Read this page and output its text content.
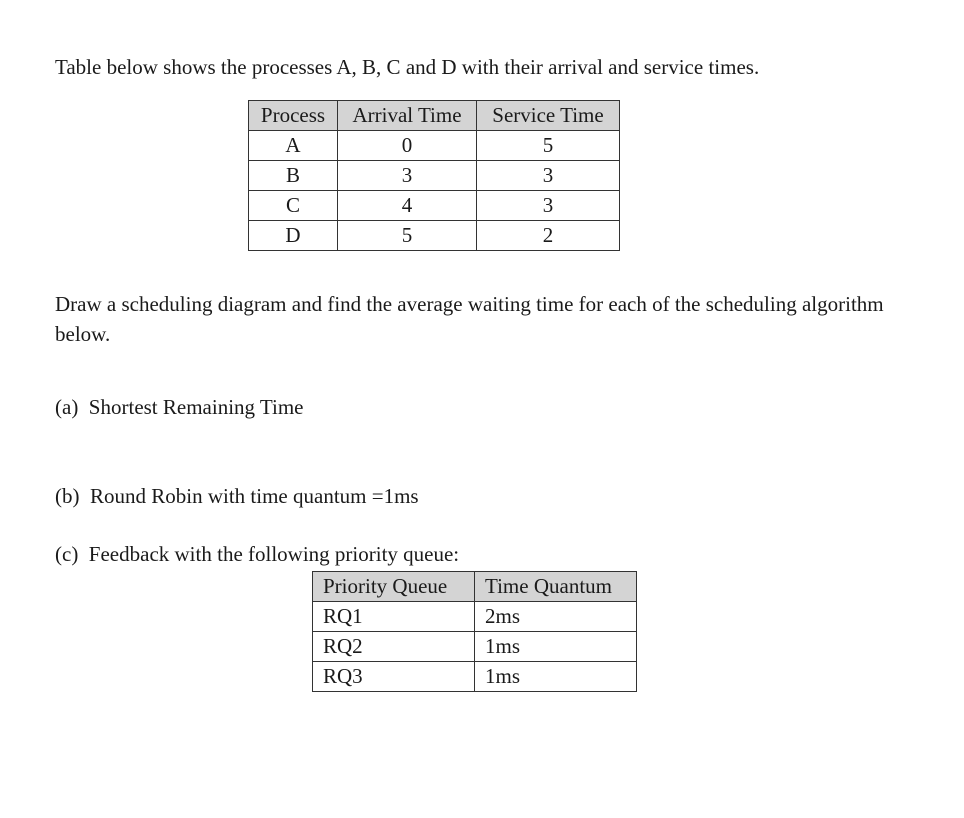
Table below shows the processes A, B, C and D with their arrival and service times.

Process	Arrival Time	Service Time
A	0	5
B	3	3
C	4	3
D	5	2

Draw a scheduling diagram and find the average waiting time for each of the scheduling algorithm below.

(a)  Shortest Remaining Time

(b)  Round Robin with time quantum =1ms

(c)  Feedback with the following priority queue:

Priority Queue	Time Quantum
RQ1	2ms
RQ2	1ms
RQ3	1ms
